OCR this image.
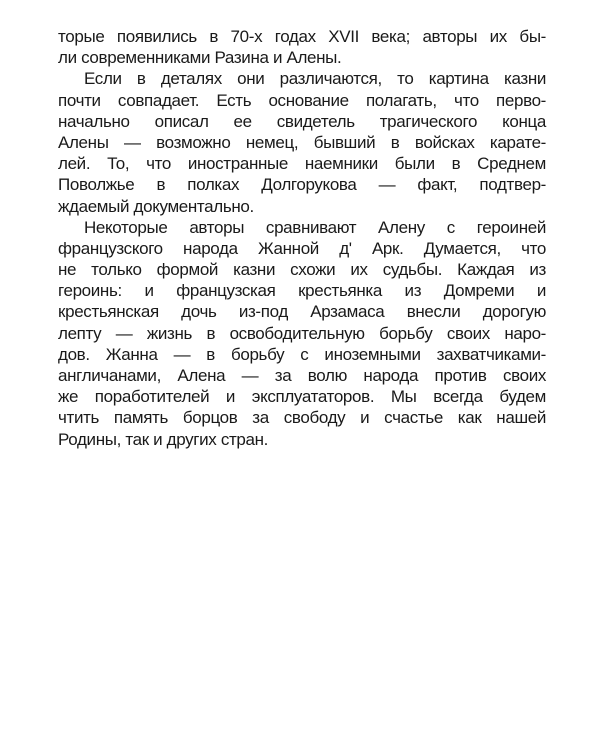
торые появились в 70-х годах XVII века; авторы их бы-
ли современниками Разина и Алены.
Если в деталях они различаются, то картина казни
почти совпадает. Есть основание полагать, что перво-
начально описал ее свидетель трагического конца
Алены — возможно немец, бывший в войсках карате-
лей. То, что иностранные наемники были в Среднем
Поволжье в полках Долгорукова — факт, подтвер-
ждаемый документально.
Некоторые авторы сравнивают Алену с героиней
французского народа Жанной д' Арк. Думается, что
не только формой казни схожи их судьбы. Каждая из
героинь: и французская крестьянка из Домреми и
крестьянская дочь из-под Арзамаса внесли дорогую
лепту — жизнь в освободительную борьбу своих наро-
дов. Жанна — в борьбу с иноземными захватчиками-
англичанами, Алена — за волю народа против своих
же поработителей и эксплуататоров. Мы всегда будем
чтить память борцов за свободу и счастье как нашей
Родины, так и других стран.
